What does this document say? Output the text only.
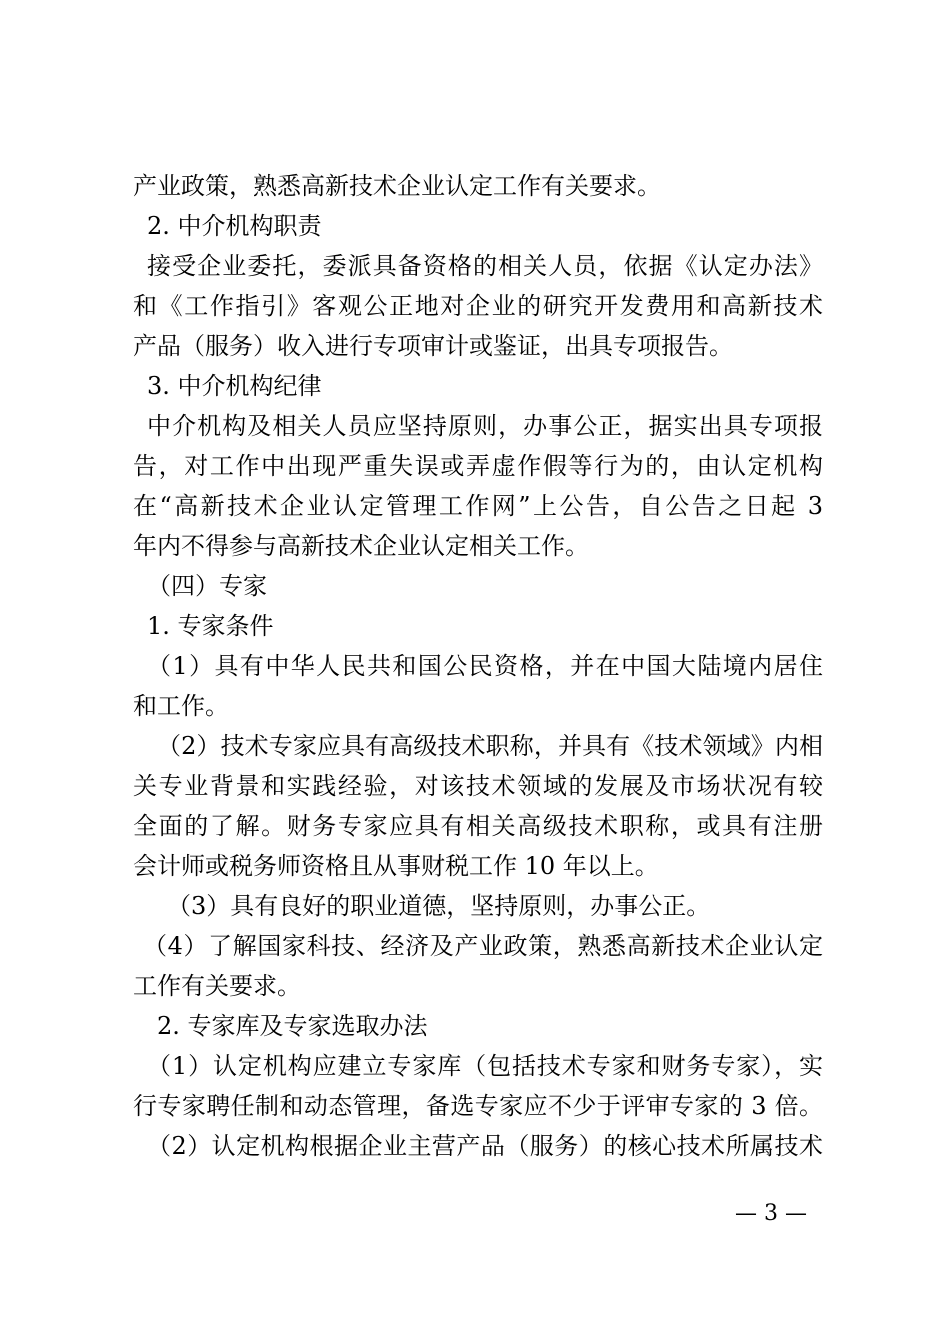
产业政策，熟悉高新技术企业认定工作有关要求。
2. 中介机构职责
接受企业委托，委派具备资格的相关人员，依据《认定办法》
和《工作指引》客观公正地对企业的研究开发费用和高新技术
产品（服务）收入进行专项审计或鉴证，出具专项报告。
3. 中介机构纪律
中介机构及相关人员应坚持原则，办事公正，据实出具专项报
告，对工作中出现严重失误或弄虚作假等行为的，由认定机构
在“高新技术企业认定管理工作网”上公告，自公告之日起 3
年内不得参与高新技术企业认定相关工作。
（四）专家
1. 专家条件
（1）具有中华人民共和国公民资格，并在中国大陆境内居住
和工作。
（2）技术专家应具有高级技术职称，并具有《技术领域》内相
关专业背景和实践经验，对该技术领域的发展及市场状况有较
全面的了解。财务专家应具有相关高级技术职称，或具有注册
会计师或税务师资格且从事财税工作 10 年以上。
（3）具有良好的职业道德，坚持原则，办事公正。
（4）了解国家科技、经济及产业政策，熟悉高新技术企业认定
工作有关要求。
2. 专家库及专家选取办法
（1）认定机构应建立专家库（包括技术专家和财务专家），实
行专家聘任制和动态管理，备选专家应不少于评审专家的 3 倍。
（2）认定机构根据企业主营产品（服务）的核心技术所属技术
— 3 —
